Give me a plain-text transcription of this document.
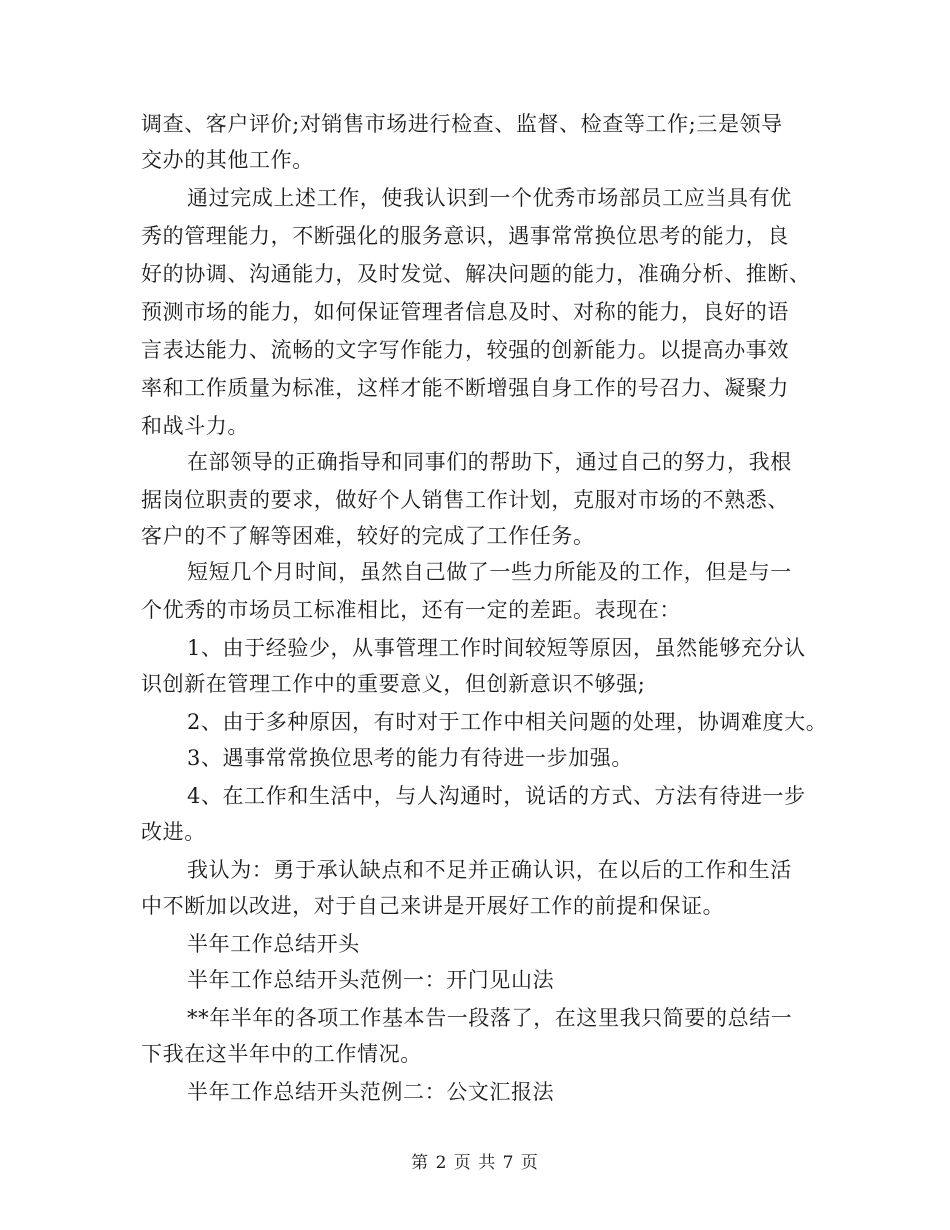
调查、客户评价;对销售市场进行检查、监督、检查等工作;三是领导
交办的其他工作。
通过完成上述工作，使我认识到一个优秀市场部员工应当具有优
秀的管理能力，不断强化的服务意识，遇事常常换位思考的能力，良
好的协调、沟通能力，及时发觉、解决问题的能力，准确分析、推断、
预测市场的能力，如何保证管理者信息及时、对称的能力，良好的语
言表达能力、流畅的文字写作能力，较强的创新能力。以提高办事效
率和工作质量为标准，这样才能不断增强自身工作的号召力、凝聚力
和战斗力。
在部领导的正确指导和同事们的帮助下，通过自己的努力，我根
据岗位职责的要求，做好个人销售工作计划，克服对市场的不熟悉、
客户的不了解等困难，较好的完成了工作任务。
短短几个月时间，虽然自己做了一些力所能及的工作，但是与一
个优秀的市场员工标准相比，还有一定的差距。表现在：
1、由于经验少，从事管理工作时间较短等原因，虽然能够充分认
识创新在管理工作中的重要意义，但创新意识不够强;
2、由于多种原因，有时对于工作中相关问题的处理，协调难度大。
3、遇事常常换位思考的能力有待进一步加强。
4、在工作和生活中，与人沟通时，说话的方式、方法有待进一步
改进。
我认为：勇于承认缺点和不足并正确认识，在以后的工作和生活
中不断加以改进，对于自己来讲是开展好工作的前提和保证。
半年工作总结开头
半年工作总结开头范例一：开门见山法
**年半年的各项工作基本告一段落了，在这里我只简要的总结一
下我在这半年中的工作情况。
半年工作总结开头范例二：公文汇报法
第 2 页 共 7 页
